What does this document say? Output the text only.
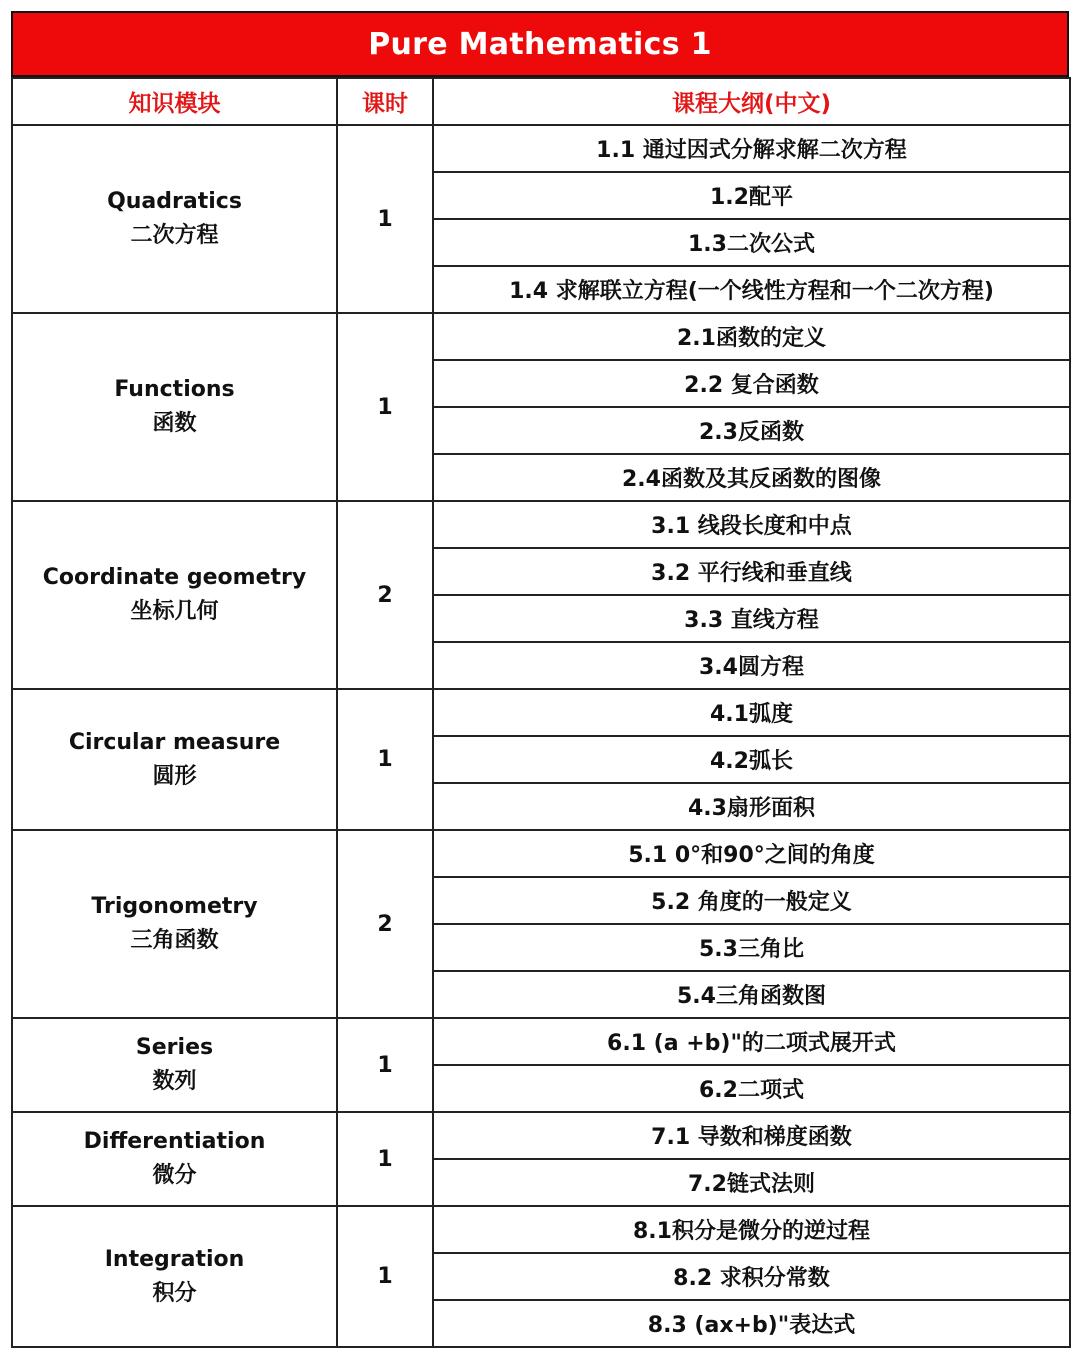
Pure Mathematics 1
知识模块	课时	课程大纲(中文)

Quadratics
二次方程	1	1.1 通过因式分解求解二次方程
		1.2配平
		1.3二次公式
		1.4 求解联立方程(一个线性方程和一个二次方程)

Functions
函数	1	2.1函数的定义
		2.2 复合函数
		2.3反函数
		2.4函数及其反函数的图像

Coordinate geometry
坐标几何	2	3.1 线段长度和中点
		3.2 平行线和垂直线
		3.3 直线方程
		3.4圆方程

Circular measure
圆形	1	4.1弧度
		4.2弧长
		4.3扇形面积

Trigonometry
三角函数	2	5.1 0°和90°之间的角度
		5.2 角度的一般定义
		5.3三角比
		5.4三角函数图

Series
数列	1	6.1 (a +b)"的二项式展开式
		6.2二项式

Differentiation
微分	1	7.1 导数和梯度函数
		7.2链式法则

Integration
积分	1	8.1积分是微分的逆过程
		8.2 求积分常数
		8.3 (ax+b)"表达式
